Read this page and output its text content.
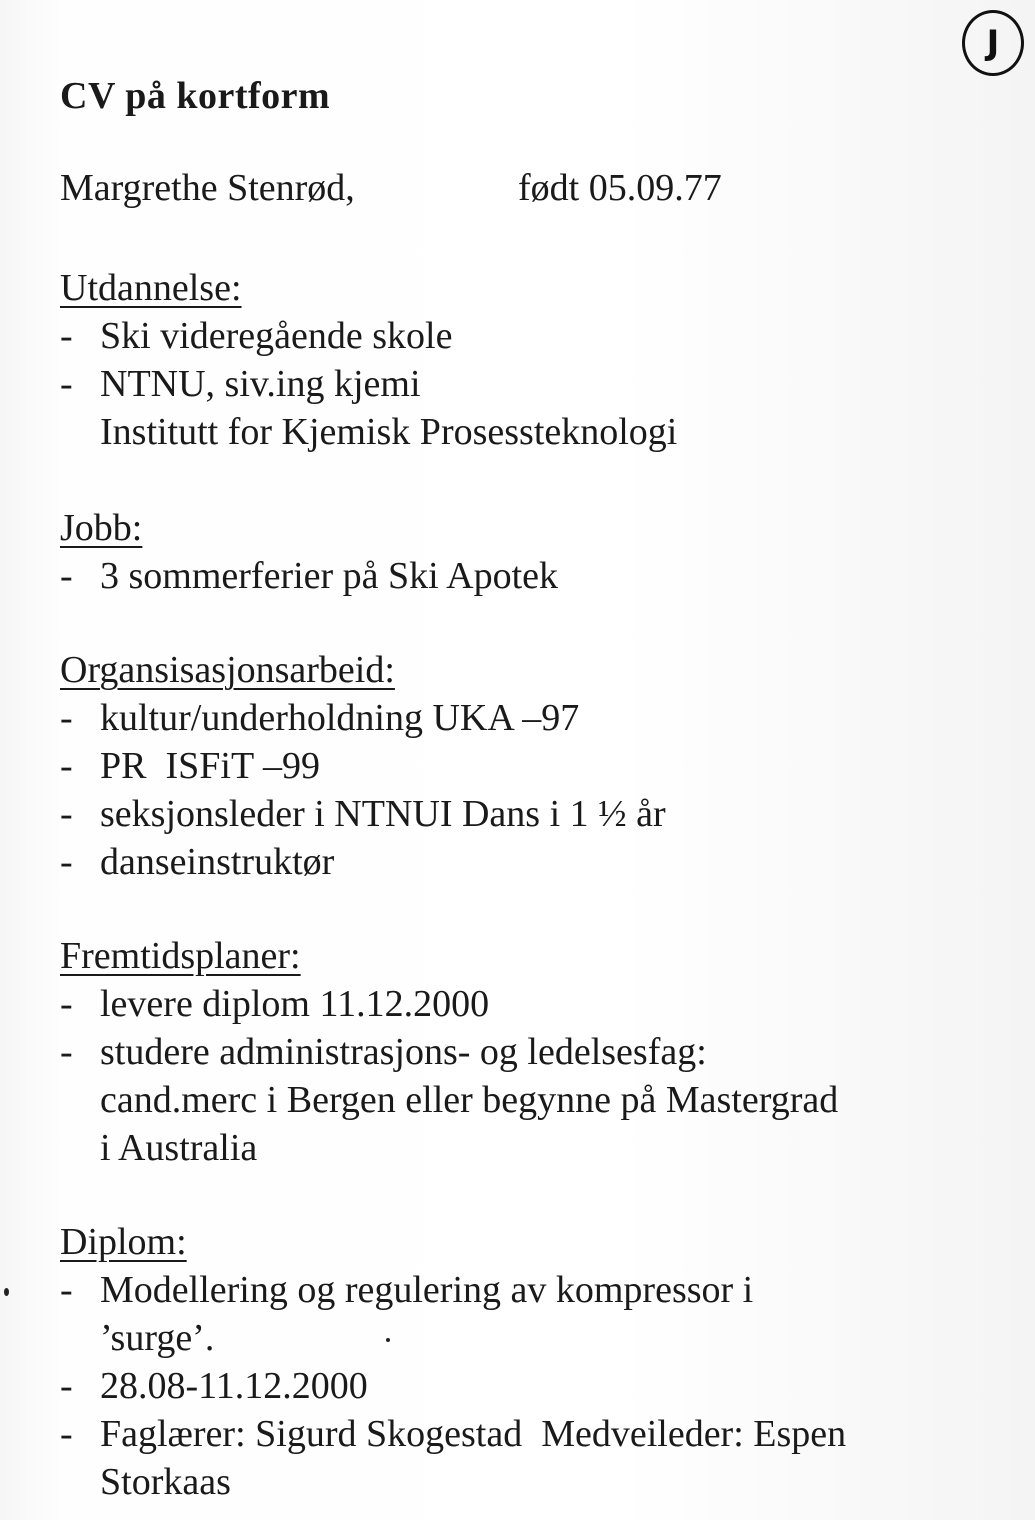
J
CV på kortform
Margrethe Stenrød,	født 05.09.77
Utdannelse:
- Ski videregående skole
- NTNU, siv.ing kjemi
Institutt for Kjemisk Prosessteknologi
Jobb:
- 3 sommerferier på Ski Apotek
Organsisasjonsarbeid:
- kultur/underholdning UKA –97
- PR  ISFiT –99
- seksjonsleder i NTNUI Dans i 1 ½ år
- danseinstruktør
Fremtidsplaner:
- levere diplom 11.12.2000
- studere administrasjons- og ledelsesfag:
cand.merc i Bergen eller begynne på Mastergrad
i Australia
Diplom:
- Modellering og regulering av kompressor i
’surge’.
- 28.08-11.12.2000
- Faglærer: Sigurd Skogestad  Medveileder: Espen
Storkaas
